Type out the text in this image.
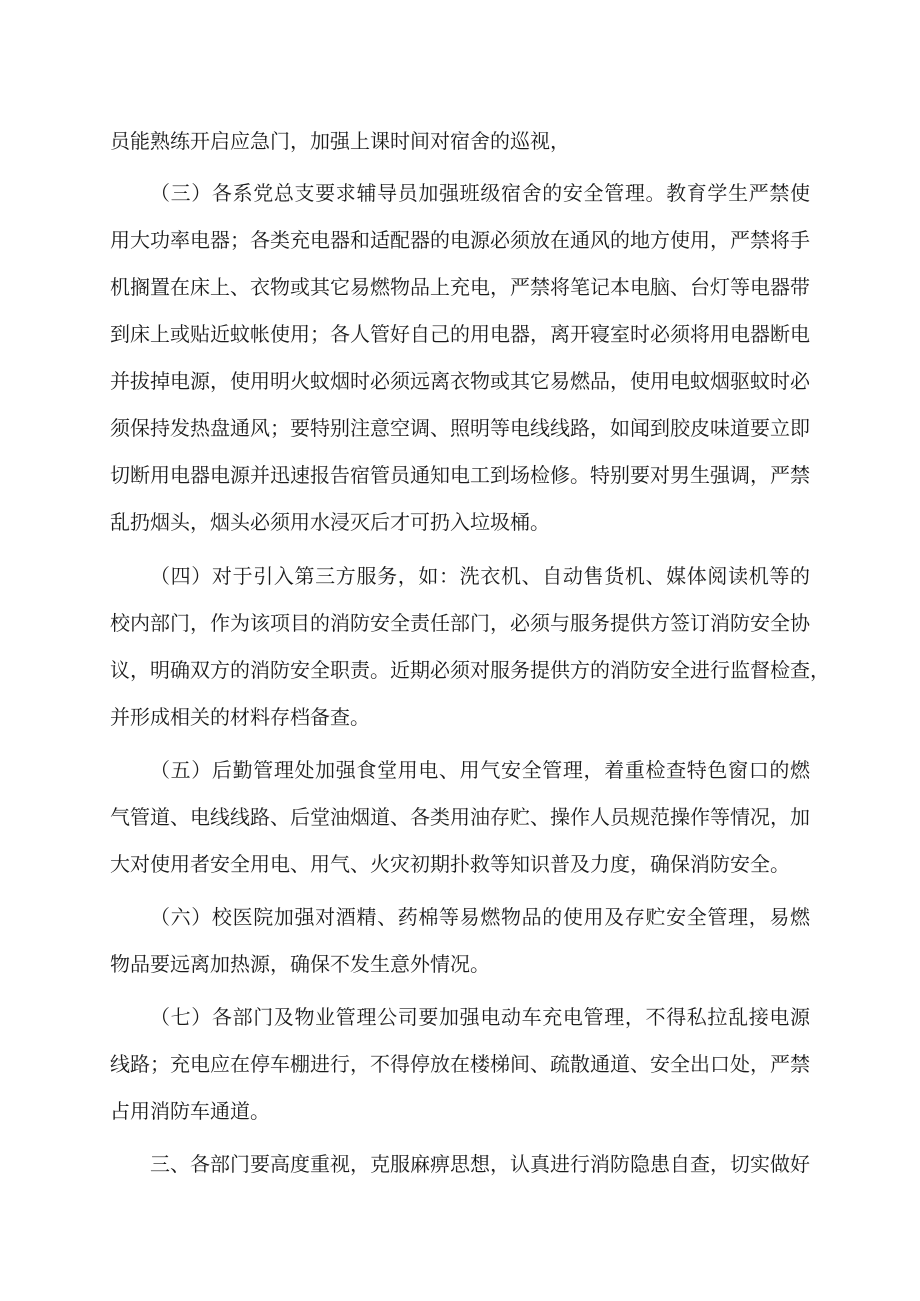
员能熟练开启应急门，加强上课时间对宿舍的巡视，
（三）各系党总支要求辅导员加强班级宿舍的安全管理。教育学生严禁使
用大功率电器；各类充电器和适配器的电源必须放在通风的地方使用，严禁将手
机搁置在床上、衣物或其它易燃物品上充电，严禁将笔记本电脑、台灯等电器带
到床上或贴近蚊帐使用；各人管好自己的用电器，离开寝室时必须将用电器断电
并拔掉电源，使用明火蚊烟时必须远离衣物或其它易燃品，使用电蚊烟驱蚊时必
须保持发热盘通风；要特别注意空调、照明等电线线路，如闻到胶皮味道要立即
切断用电器电源并迅速报告宿管员通知电工到场检修。特别要对男生强调，严禁
乱扔烟头，烟头必须用水浸灭后才可扔入垃圾桶。
（四）对于引入第三方服务，如：洗衣机、自动售货机、媒体阅读机等的
校内部门，作为该项目的消防安全责任部门，必须与服务提供方签订消防安全协
议，明确双方的消防安全职责。近期必须对服务提供方的消防安全进行监督检查，
并形成相关的材料存档备查。
（五）后勤管理处加强食堂用电、用气安全管理，着重检查特色窗口的燃
气管道、电线线路、后堂油烟道、各类用油存贮、操作人员规范操作等情况，加
大对使用者安全用电、用气、火灾初期扑救等知识普及力度，确保消防安全。
（六）校医院加强对酒精、药棉等易燃物品的使用及存贮安全管理，易燃
物品要远离加热源，确保不发生意外情况。
（七）各部门及物业管理公司要加强电动车充电管理，不得私拉乱接电源
线路；充电应在停车棚进行，不得停放在楼梯间、疏散通道、安全出口处，严禁
占用消防车通道。
三、各部门要高度重视，克服麻痹思想，认真进行消防隐患自查，切实做好
